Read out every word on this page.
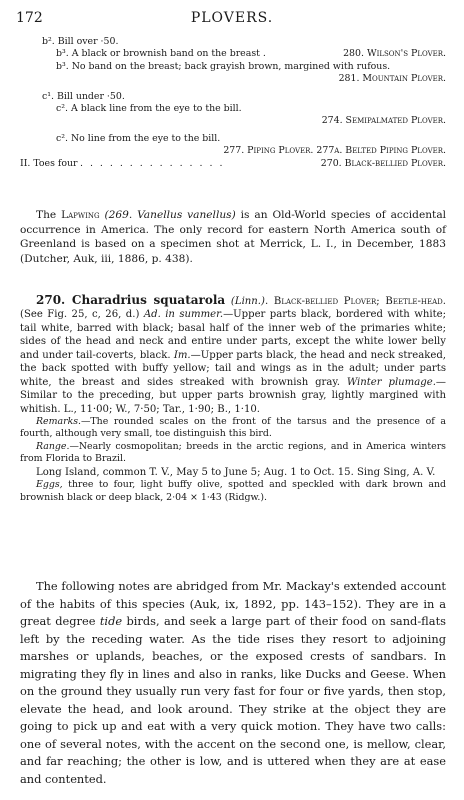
172	PLOVERS.
b². Bill over ·50.
b³. A black or brownish band on the breast .	280. Wilson's Plover.
b³. No band on the breast; back grayish brown, margined with rufous.
281. Mountain Plover.
c¹. Bill under ·50.
c². A black line from the eye to the bill.
274. Semipalmated Plover.
c². No line from the eye to the bill.
277. Piping Plover. 277a. Belted Piping Plover.
II. Toes four . . . . . . . . . . . . . . .	270. Black-bellied Plover.
The Lapwing (269. Vanellus vanellus) is an Old-World species of accidental occurrence in America. The only record for eastern North America south of Greenland is based on a specimen shot at Merrick, L. I., in December, 1883 (Dutcher, Auk, iii, 1886, p. 438).

270. Charadrius squatarola (Linn.). Black-bellied Plover; Beetle-head. (See Fig. 25, c, 26, d.) Ad. in summer.—Upper parts black, bordered with white; tail white, barred with black; basal half of the inner web of the primaries white; sides of the head and neck and entire under parts, except the white lower belly and under tail-coverts, black. Im.—Upper parts black, the head and neck streaked, the back spotted with buffy yellow; tail and wings as in the adult; under parts white, the breast and sides streaked with brownish gray. Winter plumage.—Similar to the preceding, but upper parts brownish gray, lightly margined with whitish. L., 11·00; W., 7·50; Tar., 1·90; B., 1·10.

Remarks.—The rounded scales on the front of the tarsus and the presence of a fourth, although very small, toe distinguish this bird.

Range.—Nearly cosmopolitan; breeds in the arctic regions, and in America winters from Florida to Brazil.

Long Island, common T. V., May 5 to June 5; Aug. 1 to Oct. 15. Sing Sing, A. V.

Eggs, three to four, light buffy olive, spotted and speckled with dark brown and brownish black or deep black, 2·04 × 1·43 (Ridgw.).

The following notes are abridged from Mr. Mackay's extended account of the habits of this species (Auk, ix, 1892, pp. 143–152). They are in a great degree tide birds, and seek a large part of their food on sand-flats left by the receding water. As the tide rises they resort to adjoining marshes or uplands, beaches, or the exposed crests of sandbars. In migrating they fly in lines and also in ranks, like Ducks and Geese. When on the ground they usually run very fast for four or five yards, then stop, elevate the head, and look around. They strike at the object they are going to pick up and eat with a very quick motion. They have two calls: one of several notes, with the accent on the second one, is mellow, clear, and far reaching; the other is low, and is uttered when they are at ease and contented.
